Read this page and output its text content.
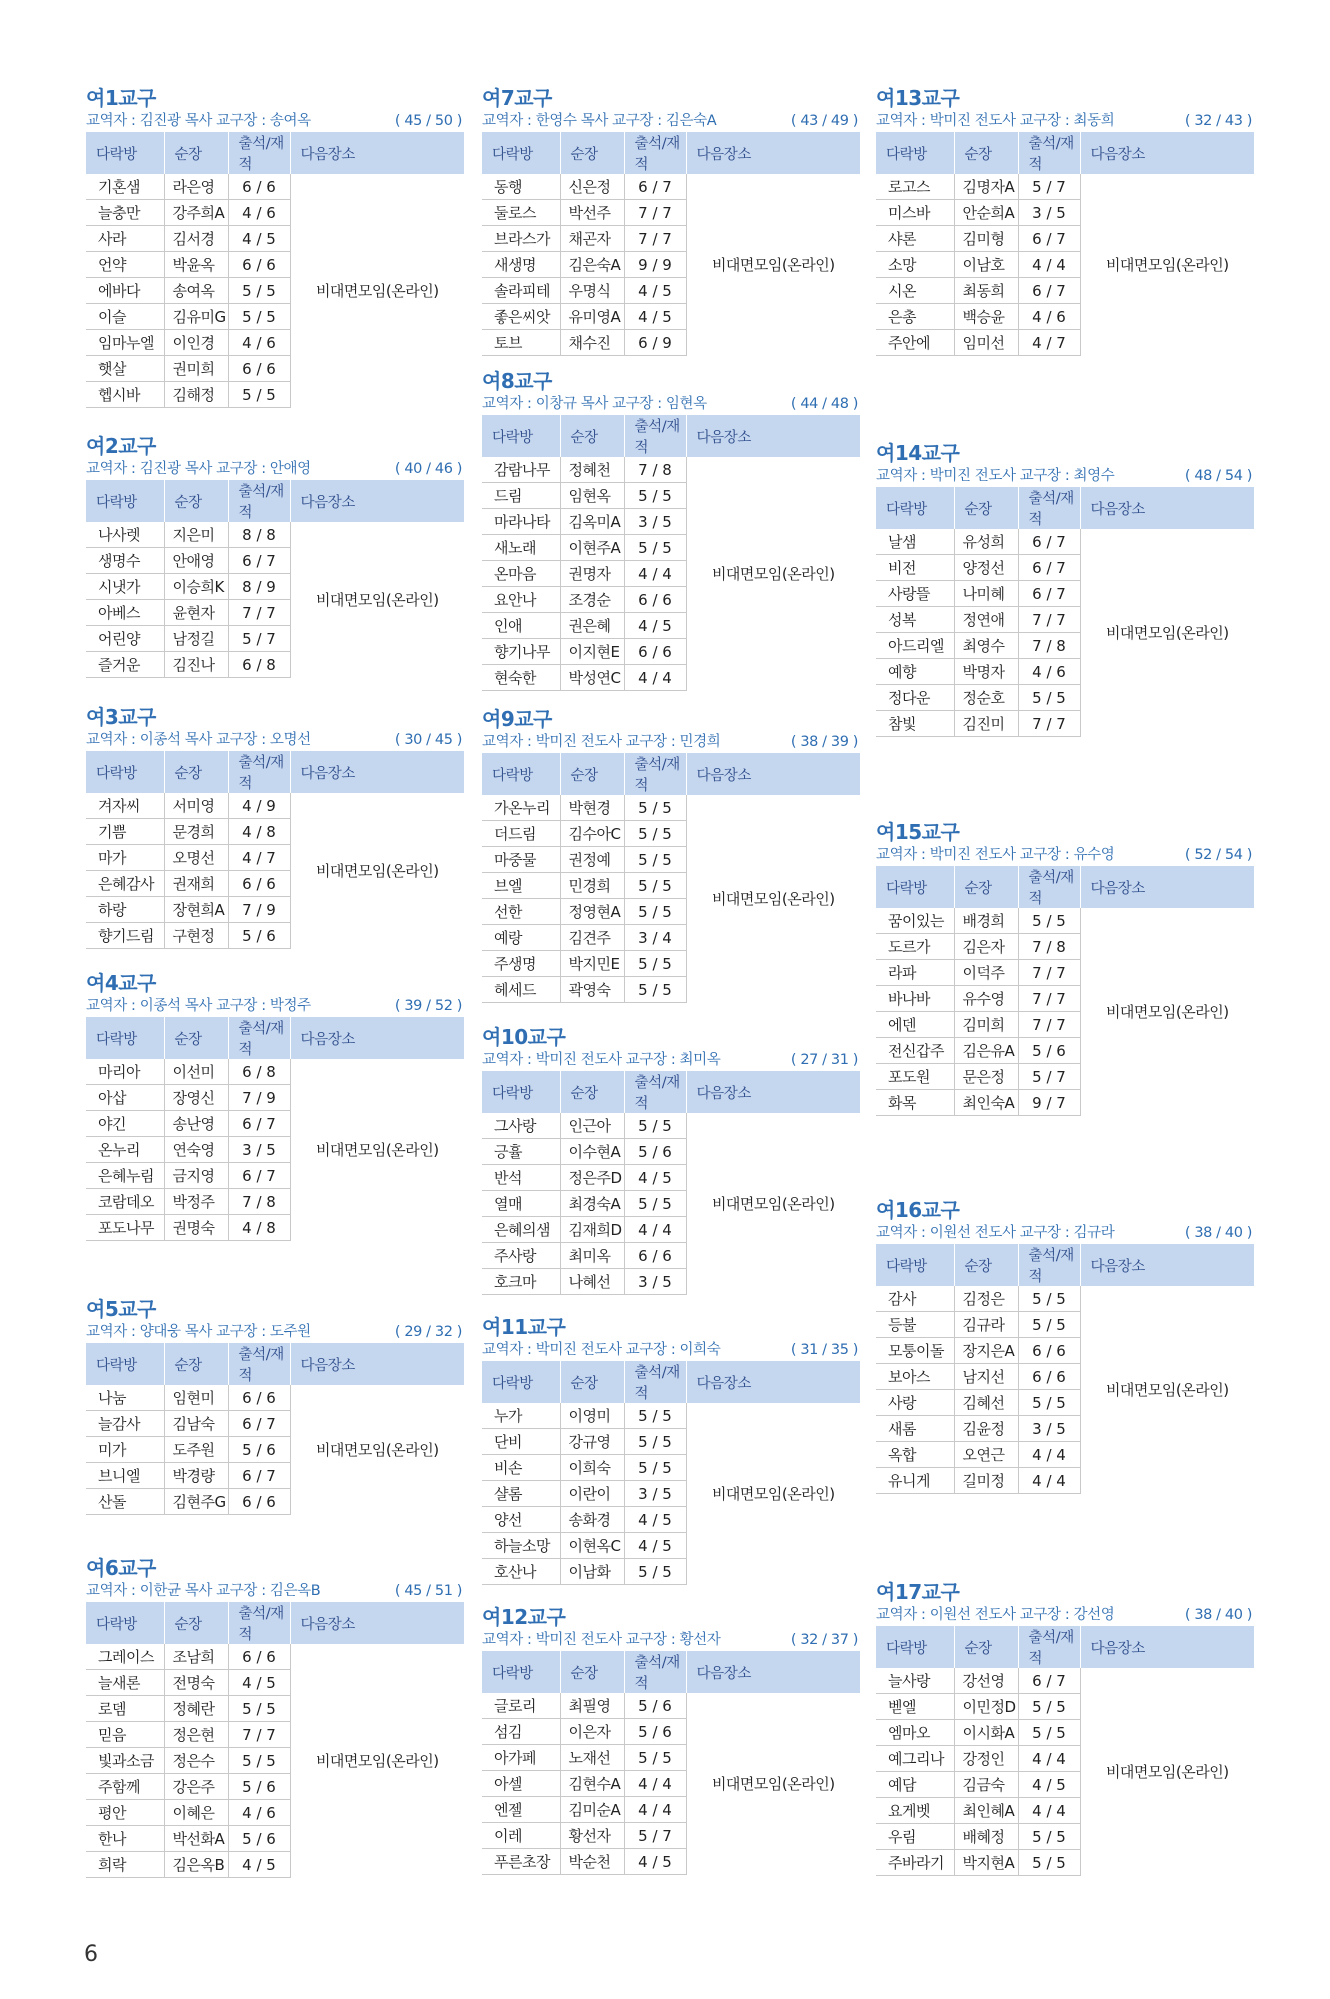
여1교구
교역자 : 김진광 목사 교구장 : 송여옥	( 45 / 50 )
다락방	순장	출석/재적	다음장소
기혼샘	라은영	6 / 6	비대면모임(온라인)
늘충만	강주희A	4 / 6	
사라	김서경	4 / 5	
언약	박윤옥	6 / 6	
에바다	송여옥	5 / 5	
이슬	김유미G	5 / 5	
임마누엘	이인경	4 / 6	
햇살	권미희	6 / 6	
헵시바	김해정	5 / 5	
여2교구
교역자 : 김진광 목사 교구장 : 안애영	( 40 / 46 )
다락방	순장	출석/재적	다음장소
나사렛	지은미	8 / 8	비대면모임(온라인)
생명수	안애영	6 / 7	
시냇가	이승희K	8 / 9	
아베스	윤현자	7 / 7	
어린양	남정길	5 / 7	
즐거운	김진나	6 / 8	
여3교구
교역자 : 이종석 목사 교구장 : 오명선	( 30 / 45 )
다락방	순장	출석/재적	다음장소
겨자씨	서미영	4 / 9	비대면모임(온라인)
기쁨	문경희	4 / 8	
마가	오명선	4 / 7	
은혜감사	권재희	6 / 6	
하랑	장현희A	7 / 9	
향기드림	구현정	5 / 6	
여4교구
교역자 : 이종석 목사 교구장 : 박정주	( 39 / 52 )
다락방	순장	출석/재적	다음장소
마리아	이선미	6 / 8	비대면모임(온라인)
아삽	장영신	7 / 9	
야긴	송난영	6 / 7	
온누리	연숙영	3 / 5	
은혜누림	금지영	6 / 7	
코람데오	박정주	7 / 8	
포도나무	권명숙	4 / 8	
여5교구
교역자 : 양대웅 목사 교구장 : 도주원	( 29 / 32 )
다락방	순장	출석/재적	다음장소
나눔	임현미	6 / 6	비대면모임(온라인)
늘감사	김남숙	6 / 7	
미가	도주원	5 / 6	
브니엘	박경량	6 / 7	
산돌	김현주G	6 / 6	
여6교구
교역자 : 이한균 목사 교구장 : 김은옥B	( 45 / 51 )
다락방	순장	출석/재적	다음장소
그레이스	조남희	6 / 6	비대면모임(온라인)
늘새론	전명숙	4 / 5	
로뎀	정혜란	5 / 5	
믿음	정은현	7 / 7	
빛과소금	정은수	5 / 5	
주함께	강은주	5 / 6	
평안	이혜은	4 / 6	
한나	박선화A	5 / 6	
희락	김은옥B	4 / 5	
여7교구
교역자 : 한영수 목사 교구장 : 김은숙A	( 43 / 49 )
다락방	순장	출석/재적	다음장소
동행	신은정	6 / 7	비대면모임(온라인)
둘로스	박선주	7 / 7	
브라스가	채곤자	7 / 7	
새생명	김은숙A	9 / 9	
솔라피테	우명식	4 / 5	
좋은씨앗	유미영A	4 / 5	
토브	채수진	6 / 9	
여8교구
교역자 : 이창규 목사 교구장 : 임현옥	( 44 / 48 )
다락방	순장	출석/재적	다음장소
감람나무	정혜천	7 / 8	비대면모임(온라인)
드림	임현옥	5 / 5	
마라나타	김옥미A	3 / 5	
새노래	이현주A	5 / 5	
온마음	권명자	4 / 4	
요안나	조경순	6 / 6	
인애	권은혜	4 / 5	
향기나무	이지현E	6 / 6	
현숙한	박성연C	4 / 4	
여9교구
교역자 : 박미진 전도사 교구장 : 민경희	( 38 / 39 )
다락방	순장	출석/재적	다음장소
가온누리	박현경	5 / 5	비대면모임(온라인)
더드림	김수아C	5 / 5	
마중물	권정예	5 / 5	
브엘	민경희	5 / 5	
선한	정영현A	5 / 5	
예랑	김견주	3 / 4	
주생명	박지민E	5 / 5	
헤세드	곽영숙	5 / 5	
여10교구
교역자 : 박미진 전도사 교구장 : 최미옥	( 27 / 31 )
다락방	순장	출석/재적	다음장소
그사랑	인근아	5 / 5	비대면모임(온라인)
긍휼	이수현A	5 / 6	
반석	정은주D	4 / 5	
열매	최경숙A	5 / 5	
은혜의샘	김재희D	4 / 4	
주사랑	최미옥	6 / 6	
호크마	나혜선	3 / 5	
여11교구
교역자 : 박미진 전도사 교구장 : 이희숙	( 31 / 35 )
다락방	순장	출석/재적	다음장소
누가	이영미	5 / 5	비대면모임(온라인)
단비	강규영	5 / 5	
비손	이희숙	5 / 5	
샬롬	이란이	3 / 5	
양선	송화경	4 / 5	
하늘소망	이현옥C	4 / 5	
호산나	이남화	5 / 5	
여12교구
교역자 : 박미진 전도사 교구장 : 황선자	( 32 / 37 )
다락방	순장	출석/재적	다음장소
글로리	최필영	5 / 6	비대면모임(온라인)
섬김	이은자	5 / 6	
아가페	노재선	5 / 5	
아셀	김현수A	4 / 4	
엔젤	김미순A	4 / 4	
이레	황선자	5 / 7	
푸른초장	박순천	4 / 5	
여13교구
교역자 : 박미진 전도사 교구장 : 최동희	( 32 / 43 )
다락방	순장	출석/재적	다음장소
로고스	김명자A	5 / 7	비대면모임(온라인)
미스바	안순희A	3 / 5	
샤론	김미형	6 / 7	
소망	이남호	4 / 4	
시온	최동희	6 / 7	
은총	백승윤	4 / 6	
주안에	임미선	4 / 7	
여14교구
교역자 : 박미진 전도사 교구장 : 최영수	( 48 / 54 )
다락방	순장	출석/재적	다음장소
날샘	유성희	6 / 7	비대면모임(온라인)
비전	양정선	6 / 7	
사랑뜰	나미혜	6 / 7	
성복	정연애	7 / 7	
아드리엘	최영수	7 / 8	
예향	박명자	4 / 6	
정다운	정순호	5 / 5	
참빛	김진미	7 / 7	
여15교구
교역자 : 박미진 전도사 교구장 : 유수영	( 52 / 54 )
다락방	순장	출석/재적	다음장소
꿈이있는	배경희	5 / 5	비대면모임(온라인)
도르가	김은자	7 / 8	
라파	이덕주	7 / 7	
바나바	유수영	7 / 7	
에덴	김미희	7 / 7	
전신갑주	김은유A	5 / 6	
포도원	문은정	5 / 7	
화목	최인숙A	9 / 7	
여16교구
교역자 : 이원선 전도사 교구장 : 김규라	( 38 / 40 )
다락방	순장	출석/재적	다음장소
감사	김정은	5 / 5	비대면모임(온라인)
등불	김규라	5 / 5	
모퉁이돌	장지은A	6 / 6	
보아스	남지선	6 / 6	
사랑	김혜선	5 / 5	
새롬	김윤정	3 / 5	
옥합	오연근	4 / 4	
유니게	길미정	4 / 4	
여17교구
교역자 : 이원선 전도사 교구장 : 강선영	( 38 / 40 )
다락방	순장	출석/재적	다음장소
늘사랑	강선영	6 / 7	비대면모임(온라인)
벧엘	이민정D	5 / 5	
엠마오	이시화A	5 / 5	
예그리나	강정인	4 / 4	
예담	김금숙	4 / 5	
요게벳	최인혜A	4 / 4	
우림	배혜정	5 / 5	
주바라기	박지현A	5 / 5	
6
